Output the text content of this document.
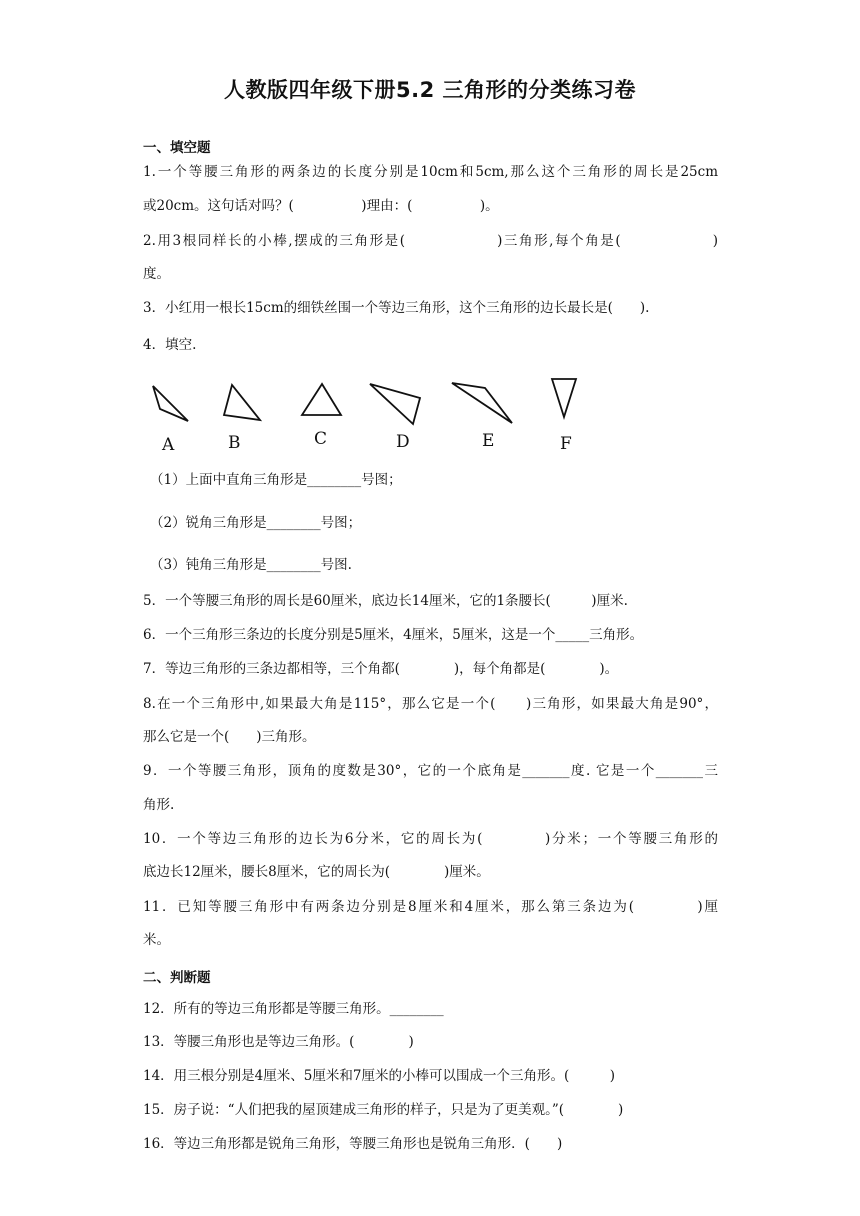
人教版四年级下册5.2 三角形的分类练习卷
一、填空题
1.一个等腰三角形的两条边的长度分别是10cm和5cm,那么这个三角形的周长是25cm
或20cm。这句话对吗？(　　　　　)理由：(　　　　　)。
2.用3根同样长的小棒,摆成的三角形是(　　　　　　)三角形,每个角是(　　　　　　)
度。
3．小红用一根长15cm的细铁丝围一个等边三角形，这个三角形的边长最长是(　　).
4．填空.
A	B	C	D	E	F
（1）上面中直角三角形是________号图；
（2）锐角三角形是________号图；
（3）钝角三角形是________号图.
5．一个等腰三角形的周长是60厘米，底边长14厘米，它的1条腰长(　　　)厘米.
6．一个三角形三条边的长度分别是5厘米，4厘米，5厘米，这是一个_____三角形。
7．等边三角形的三条边都相等，三个角都(　　　　)，每个角都是(　　　　)。
8.在一个三角形中,如果最大角是115°，那么它是一个(　　)三角形，如果最大角是90°，
那么它是一个(　　)三角形。
9．一个等腰三角形，顶角的度数是30°，它的一个底角是_______度. 它是一个_______三
角形.
10．一个等边三角形的边长为6分米，它的周长为(　　　　)分米；一个等腰三角形的
底边长12厘米，腰长8厘米，它的周长为(　　　　)厘米。
11．已知等腰三角形中有两条边分别是8厘米和4厘米，那么第三条边为(　　　　)厘
米。
二、判断题
12．所有的等边三角形都是等腰三角形。________
13．等腰三角形也是等边三角形。(　　　　)
14．用三根分别是4厘米、5厘米和7厘米的小棒可以围成一个三角形。(　　　)
15．房子说：“人们把我的屋顶建成三角形的样子，只是为了更美观。”(　　　　)
16．等边三角形都是锐角三角形，等腰三角形也是锐角三角形．(　　)
